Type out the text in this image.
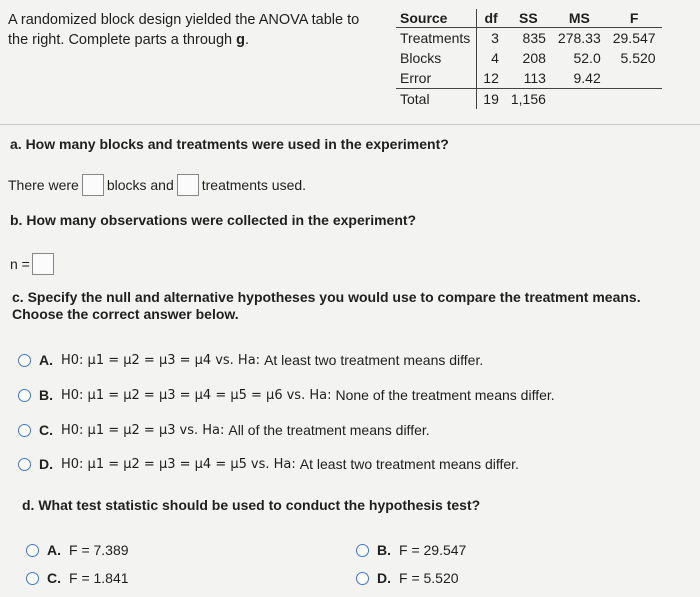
A randomized block design yielded the ANOVA table to the right. Complete parts a through g.
Source	df	SS	MS	F
Treatments	3	835	278.33	29.547
Blocks	4	208	52.0	5.520
Error	12	113	9.42	
Total	19	1,156		
a. How many blocks and treatments were used in the experiment?
There were blocks and treatments used.
b. How many observations were collected in the experiment?
n =
c. Specify the null and alternative hypotheses you would use to compare the treatment means. Choose the correct answer below.
A. H0: μ1 = μ2 = μ3 = μ4 vs. Ha: At least two treatment means differ.
B. H0: μ1 = μ2 = μ3 = μ4 = μ5 = μ6 vs. Ha: None of the treatment means differ.
C. H0: μ1 = μ2 = μ3 vs. Ha: All of the treatment means differ.
D. H0: μ1 = μ2 = μ3 = μ4 = μ5 vs. Ha: At least two treatment means differ.
d. What test statistic should be used to conduct the hypothesis test?
A. F = 7.389	B. F = 29.547
C. F = 1.841	D. F = 5.520
